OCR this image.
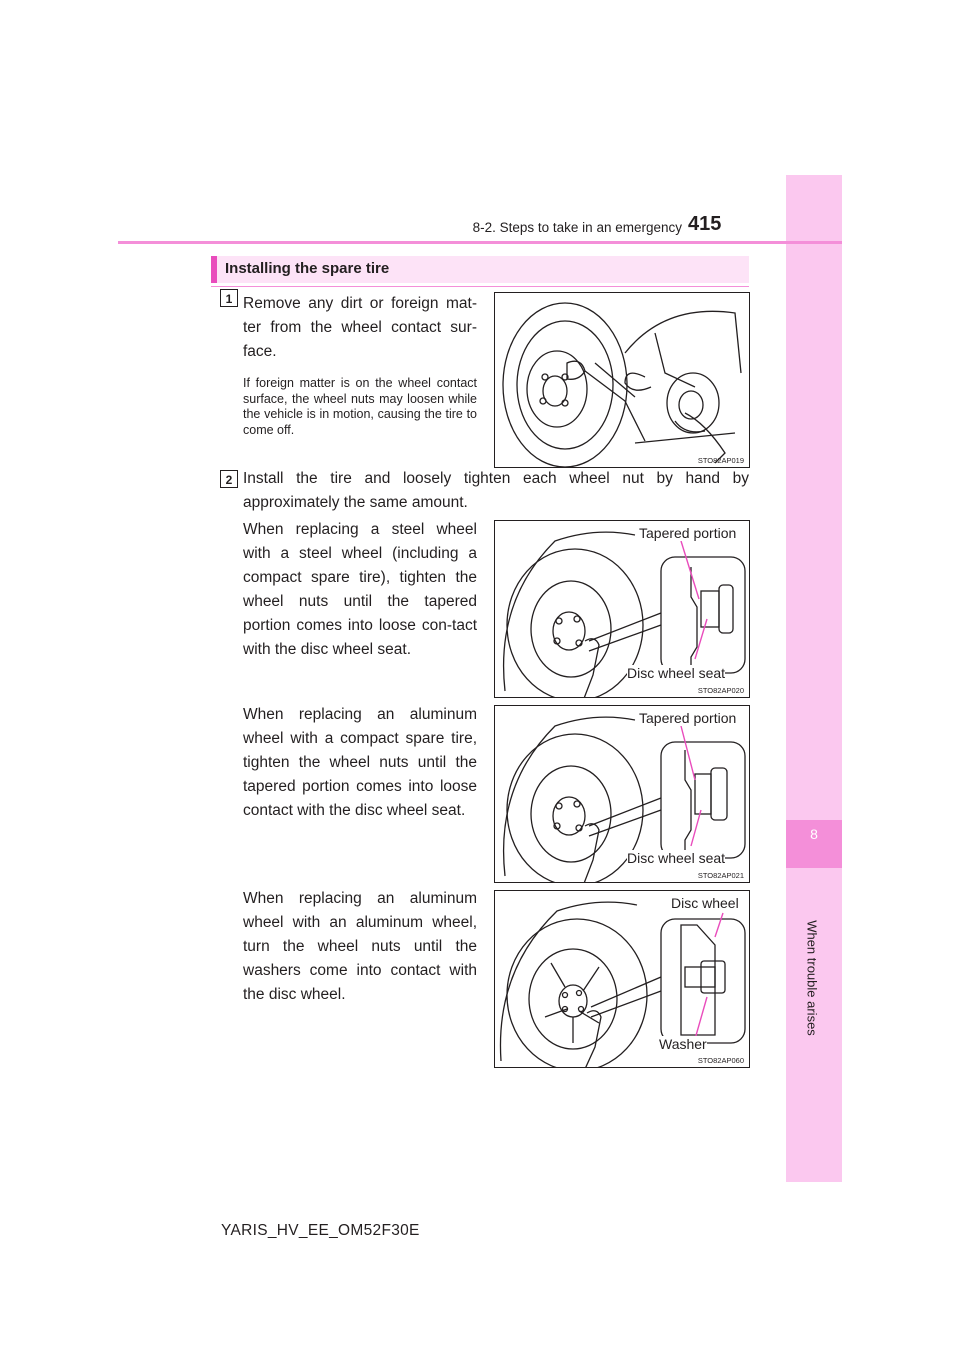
8
When trouble arises
8-2. Steps to take in an emergency 415
Installing the spare tire
1 Remove any dirt or foreign mat-ter from the wheel contact sur-face.
If foreign matter is on the wheel contact surface, the wheel nuts may loosen while the vehicle is in motion, causing the tire to come off.
STO82AP019
2 Install the tire and loosely tighten each wheel nut by hand by approximately the same amount.
When replacing a steel wheel with a steel wheel (including a compact spare tire), tighten the wheel nuts until the tapered portion comes into loose con-tact with the disc wheel seat.
Tapered portion
Disc wheel seat
STO82AP020
When replacing an aluminum wheel with a compact spare tire, tighten the wheel nuts until the tapered portion comes into loose contact with the disc wheel seat.
Tapered portion
Disc wheel seat
STO82AP021
When replacing an aluminum wheel with an aluminum wheel, turn the wheel nuts until the washers come into contact with the disc wheel.
Disc wheel
Washer
STO82AP060
YARIS_HV_EE_OM52F30E
